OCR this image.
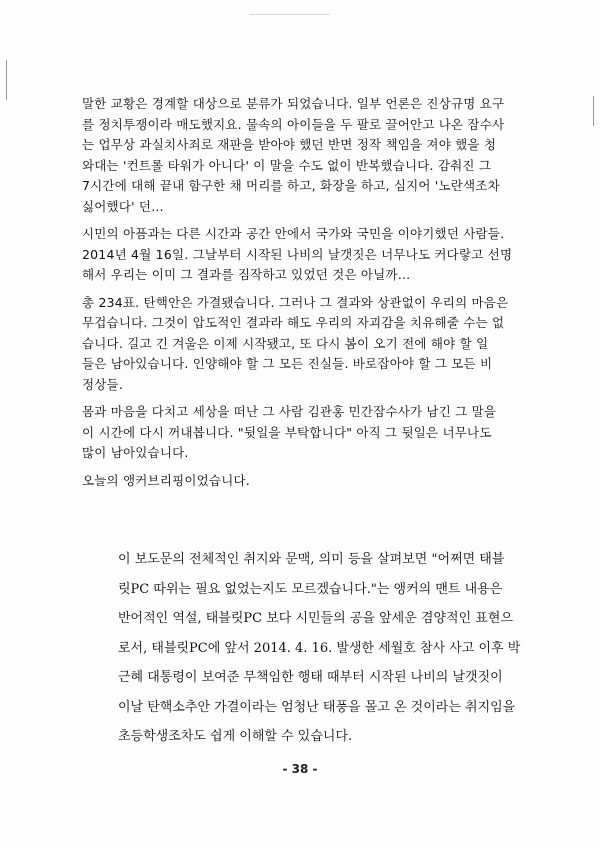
말한 교황은 경계할 대상으로 분류가 되었습니다. 일부 언론은 진상규명 요구
를 정치투쟁이라 매도했지요. 물속의 아이들을 두 팔로 끌어안고 나온 잠수사
는 업무상 과실치사죄로 재판을 받아야 했던 반면 정작 책임을 져야 했을 청
와대는 '컨트롤 타워가 아니다' 이 말을 수도 없이 반복했습니다. 감춰진 그
7시간에 대해 끝내 함구한 채 머리를 하고, 화장을 하고, 심지어 '노란색조차
싫어했다' 던…

시민의 아픔과는 다른 시간과 공간 안에서 국가와 국민을 이야기했던 사람들.
2014년 4월 16일. 그날부터 시작된 나비의 날갯짓은 너무나도 커다랗고 선명
해서 우리는 이미 그 결과를 짐작하고 있었던 것은 아닐까…

총 234표. 탄핵안은 가결됐습니다. 그러나 그 결과와 상관없이 우리의 마음은
무겁습니다. 그것이 압도적인 결과라 해도 우리의 자괴감을 치유해줄 수는 없
습니다. 길고 긴 겨울은 이제 시작됐고, 또 다시 봄이 오기 전에 해야 할 일
들은 남아있습니다. 인양해야 할 그 모든 진실들. 바로잡아야 할 그 모든 비
정상들.

몸과 마음을 다치고 세상을 떠난 그 사람 김관홍 민간잠수사가 남긴 그 말을
이 시간에 다시 꺼내봅니다. "뒷일을 부탁합니다" 아직 그 뒷일은 너무나도
많이 남아있습니다.

오늘의 앵커브리핑이었습니다.

이 보도문의 전체적인 취지와 문맥, 의미 등을 살펴보면 "어쩌면 태블
릿PC 따위는 필요 없었는지도 모르겠습니다."는 앵커의 맨트 내용은
반어적인 역설, 태블릿PC 보다 시민들의 공을 앞세운 겸양적인 표현으
로서, 태블릿PC에 앞서 2014. 4. 16. 발생한 세월호 참사 사고 이후 박
근혜 대통령이 보여준 무책임한 행태 때부터 시작된 나비의 날갯짓이
이날 탄핵소추안 가결이라는 엄청난 태풍을 몰고 온 것이라는 취지임을
초등학생조차도 쉽게 이해할 수 있습니다.
- 38 -
